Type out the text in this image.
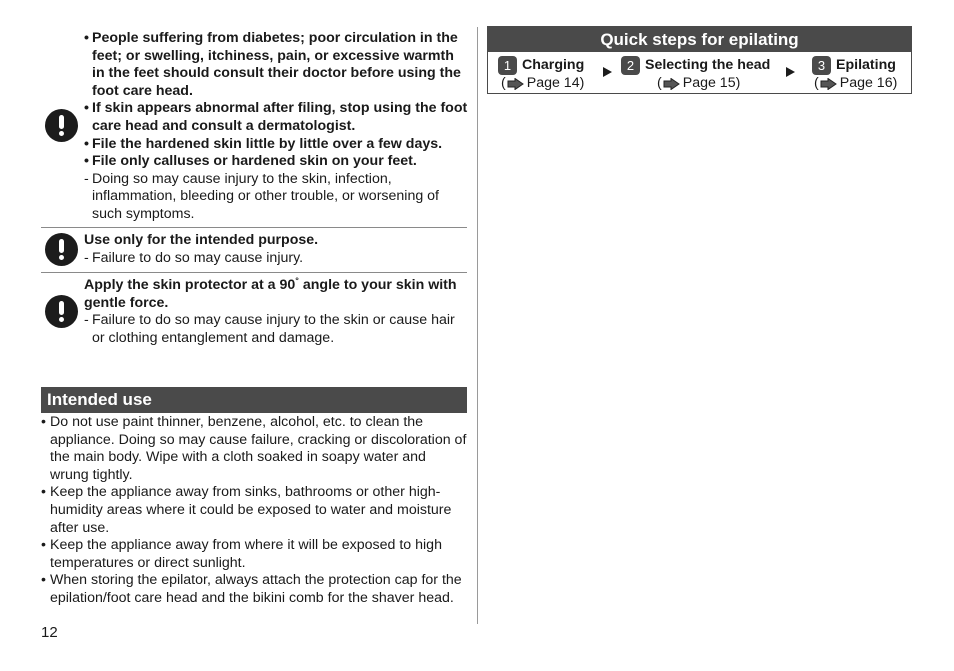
• People suffering from diabetes; poor circulation in the feet; or swelling, itchiness, pain, or excessive warmth in the feet should consult their doctor before using the foot care head.
• If skin appears abnormal after filing, stop using the foot care head and consult a dermatologist.
• File the hardened skin little by little over a few days.
• File only calluses or hardened skin on your feet.
- Doing so may cause injury to the skin, infection, inflammation, bleeding or other trouble, or worsening of such symptoms.
Use only for the intended purpose.
- Failure to do so may cause injury.
Apply the skin protector at a 90° angle to your skin with gentle force.
- Failure to do so may cause injury to the skin or cause hair or clothing entanglement and damage.
Intended use
• Do not use paint thinner, benzene, alcohol, etc. to clean the appliance. Doing so may cause failure, cracking or discoloration of the main body. Wipe with a cloth soaked in soapy water and wrung tightly.
• Keep the appliance away from sinks, bathrooms or other high-humidity areas where it could be exposed to water and moisture after use.
• Keep the appliance away from where it will be exposed to high temperatures or direct sunlight.
• When storing the epilator, always attach the protection cap for the epilation/foot care head and the bikini comb for the shaver head.
12
Quick steps for epilating
1 Charging
( Page 14 )
2 Selecting the head
( Page 15 )
3 Epilating
( Page 16 )
